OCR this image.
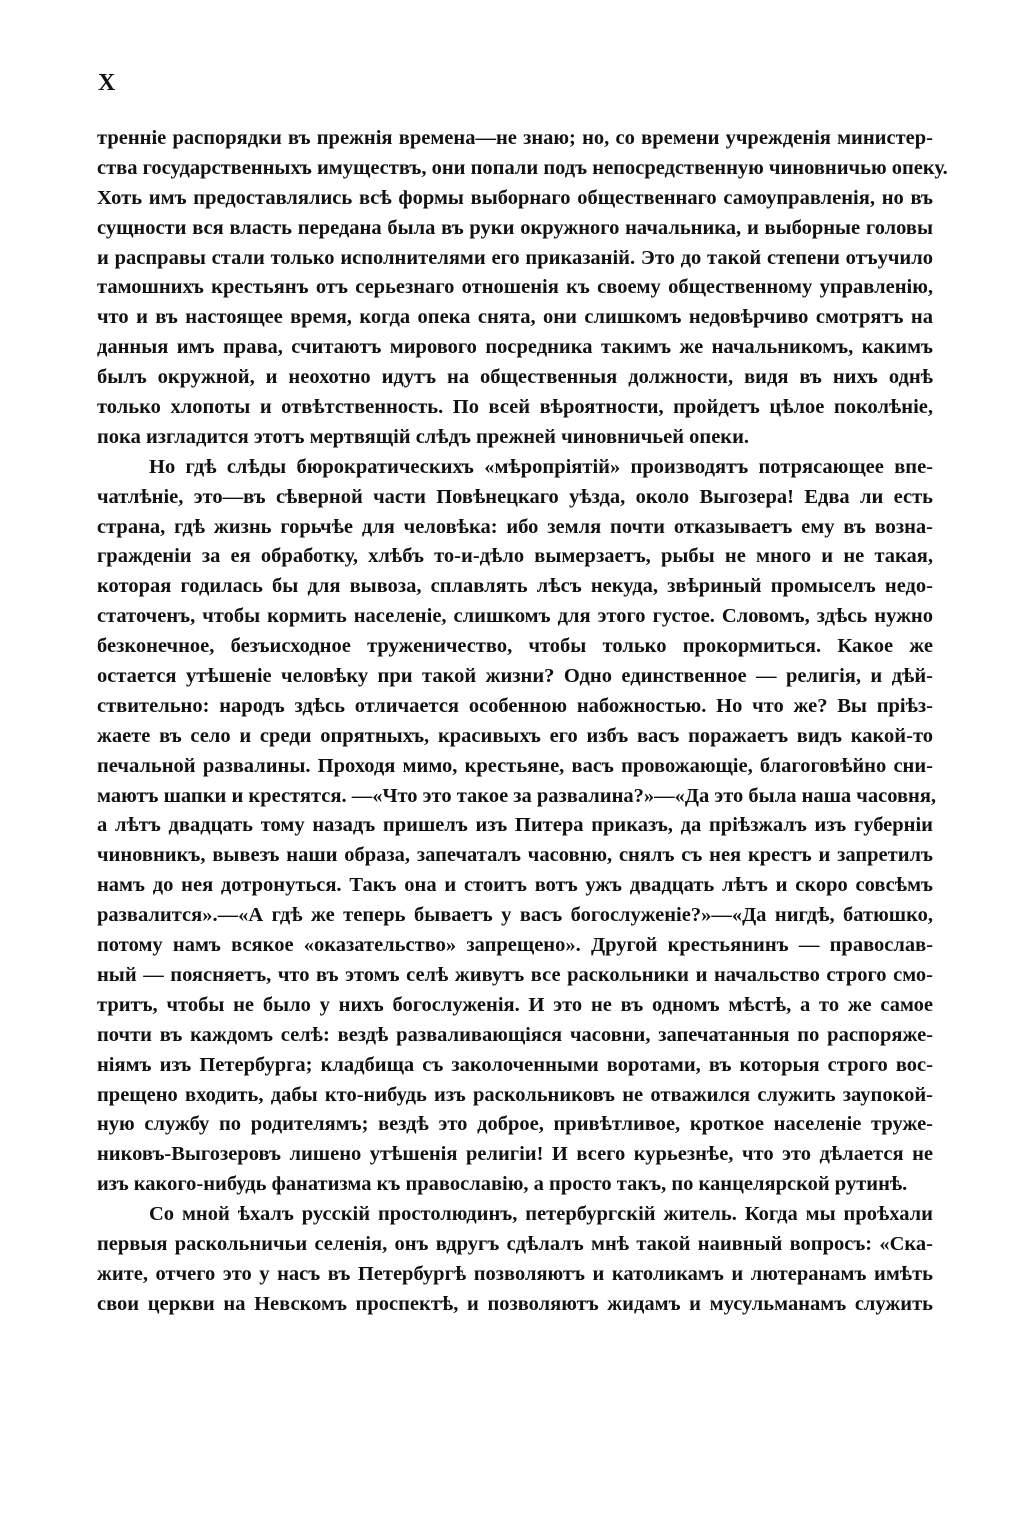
X
тренніе распорядки въ прежнія времена—не знаю; но, со времени учрежденія министер-
ства государственныхъ имуществъ, они попали подъ непосредственную чиновничью опеку.
Хоть имъ предоставлялись всѣ формы выборнаго общественнаго самоуправленія, но въ
сущности вся власть передана была въ руки окружного начальника, и выборные головы
и расправы стали только исполнителями его приказаній. Это до такой степени отъучило
тамошнихъ крестьянъ отъ серьезнаго отношенія къ своему общественному управленію,
что и въ настоящее время, когда опека снята, они слишкомъ недовѣрчиво смотрятъ на
данныя имъ права, считаютъ мирового посредника такимъ же начальникомъ, какимъ
былъ окружной, и неохотно идутъ на общественныя должности, видя въ нихъ однѣ
только хлопоты и отвѣтственность. По всей вѣроятности, пройдетъ цѣлое поколѣніе,
пока изгладится этотъ мертвящій слѣдъ прежней чиновничьей опеки.
Но гдѣ слѣды бюрократическихъ «мѣропріятій» производятъ потрясающее впе-
чатлѣніе, это—въ сѣверной части Повѣнецкаго уѣзда, около Выгозера! Едва ли есть
страна, гдѣ жизнь горьчѣе для человѣка: ибо земля почти отказываетъ ему въ возна-
гражденіи за ея обработку, хлѣбъ то-и-дѣло вымерзаетъ, рыбы не много и не такая,
которая годилась бы для вывоза, сплавлять лѣсъ некуда, звѣриный промыселъ недо-
статоченъ, чтобы кормить населеніе, слишкомъ для этого густое. Словомъ, здѣсь нужно
безконечное, безъисходное труженичество, чтобы только прокормиться. Какое же
остается утѣшеніе человѣку при такой жизни? Одно единственное — религія, и дѣй-
ствительно: народъ здѣсь отличается особенною набожностью. Но что же? Вы пріѣз-
жаете въ село и среди опрятныхъ, красивыхъ его избъ васъ поражаетъ видъ какой-то
печальной развалины. Проходя мимо, крестьяне, васъ провожающіе, благоговѣйно сни-
маютъ шапки и крестятся. —«Что это такое за развалина?»—«Да это была наша часовня,
а лѣтъ двадцать тому назадъ пришелъ изъ Питера приказъ, да пріѣзжалъ изъ губерніи
чиновникъ, вывезъ наши образа, запечаталъ часовню, снялъ съ нея крестъ и запретилъ
намъ до нея дотронуться. Такъ она и стоитъ вотъ ужъ двадцать лѣтъ и скоро совсѣмъ
развалится».—«А гдѣ же теперь бываетъ у васъ богослуженіе?»—«Да нигдѣ, батюшко,
потому намъ всякое «оказательство» запрещено». Другой крестьянинъ — православ-
ный — поясняетъ, что въ этомъ селѣ живутъ все раскольники и начальство строго смо-
тритъ, чтобы не было у нихъ богослуженія. И это не въ одномъ мѣстѣ, а то же самое
почти въ каждомъ селѣ: вездѣ разваливающіяся часовни, запечатанныя по распоряже-
ніямъ изъ Петербурга; кладбища съ заколоченными воротами, въ которыя строго вос-
прещено входить, дабы кто-нибудь изъ раскольниковъ не отважился служить заупокой-
ную службу по родителямъ; вездѣ это доброе, привѣтливое, кроткое населеніе труже-
никовъ-Выгозеровъ лишено утѣшенія религіи! И всего курьезнѣе, что это дѣлается не
изъ какого-нибудь фанатизма къ православію, а просто такъ, по канцелярской рутинѣ.
Со мной ѣхалъ русскій простолюдинъ, петербургскій житель. Когда мы проѣхали
первыя раскольничьи селенія, онъ вдругъ сдѣлалъ мнѣ такой наивный вопросъ: «Ска-
жите, отчего это у насъ въ Петербургѣ позволяютъ и католикамъ и лютеранамъ имѣть
свои церкви на Невскомъ проспектѣ, и позволяютъ жидамъ и мусульманамъ служить
